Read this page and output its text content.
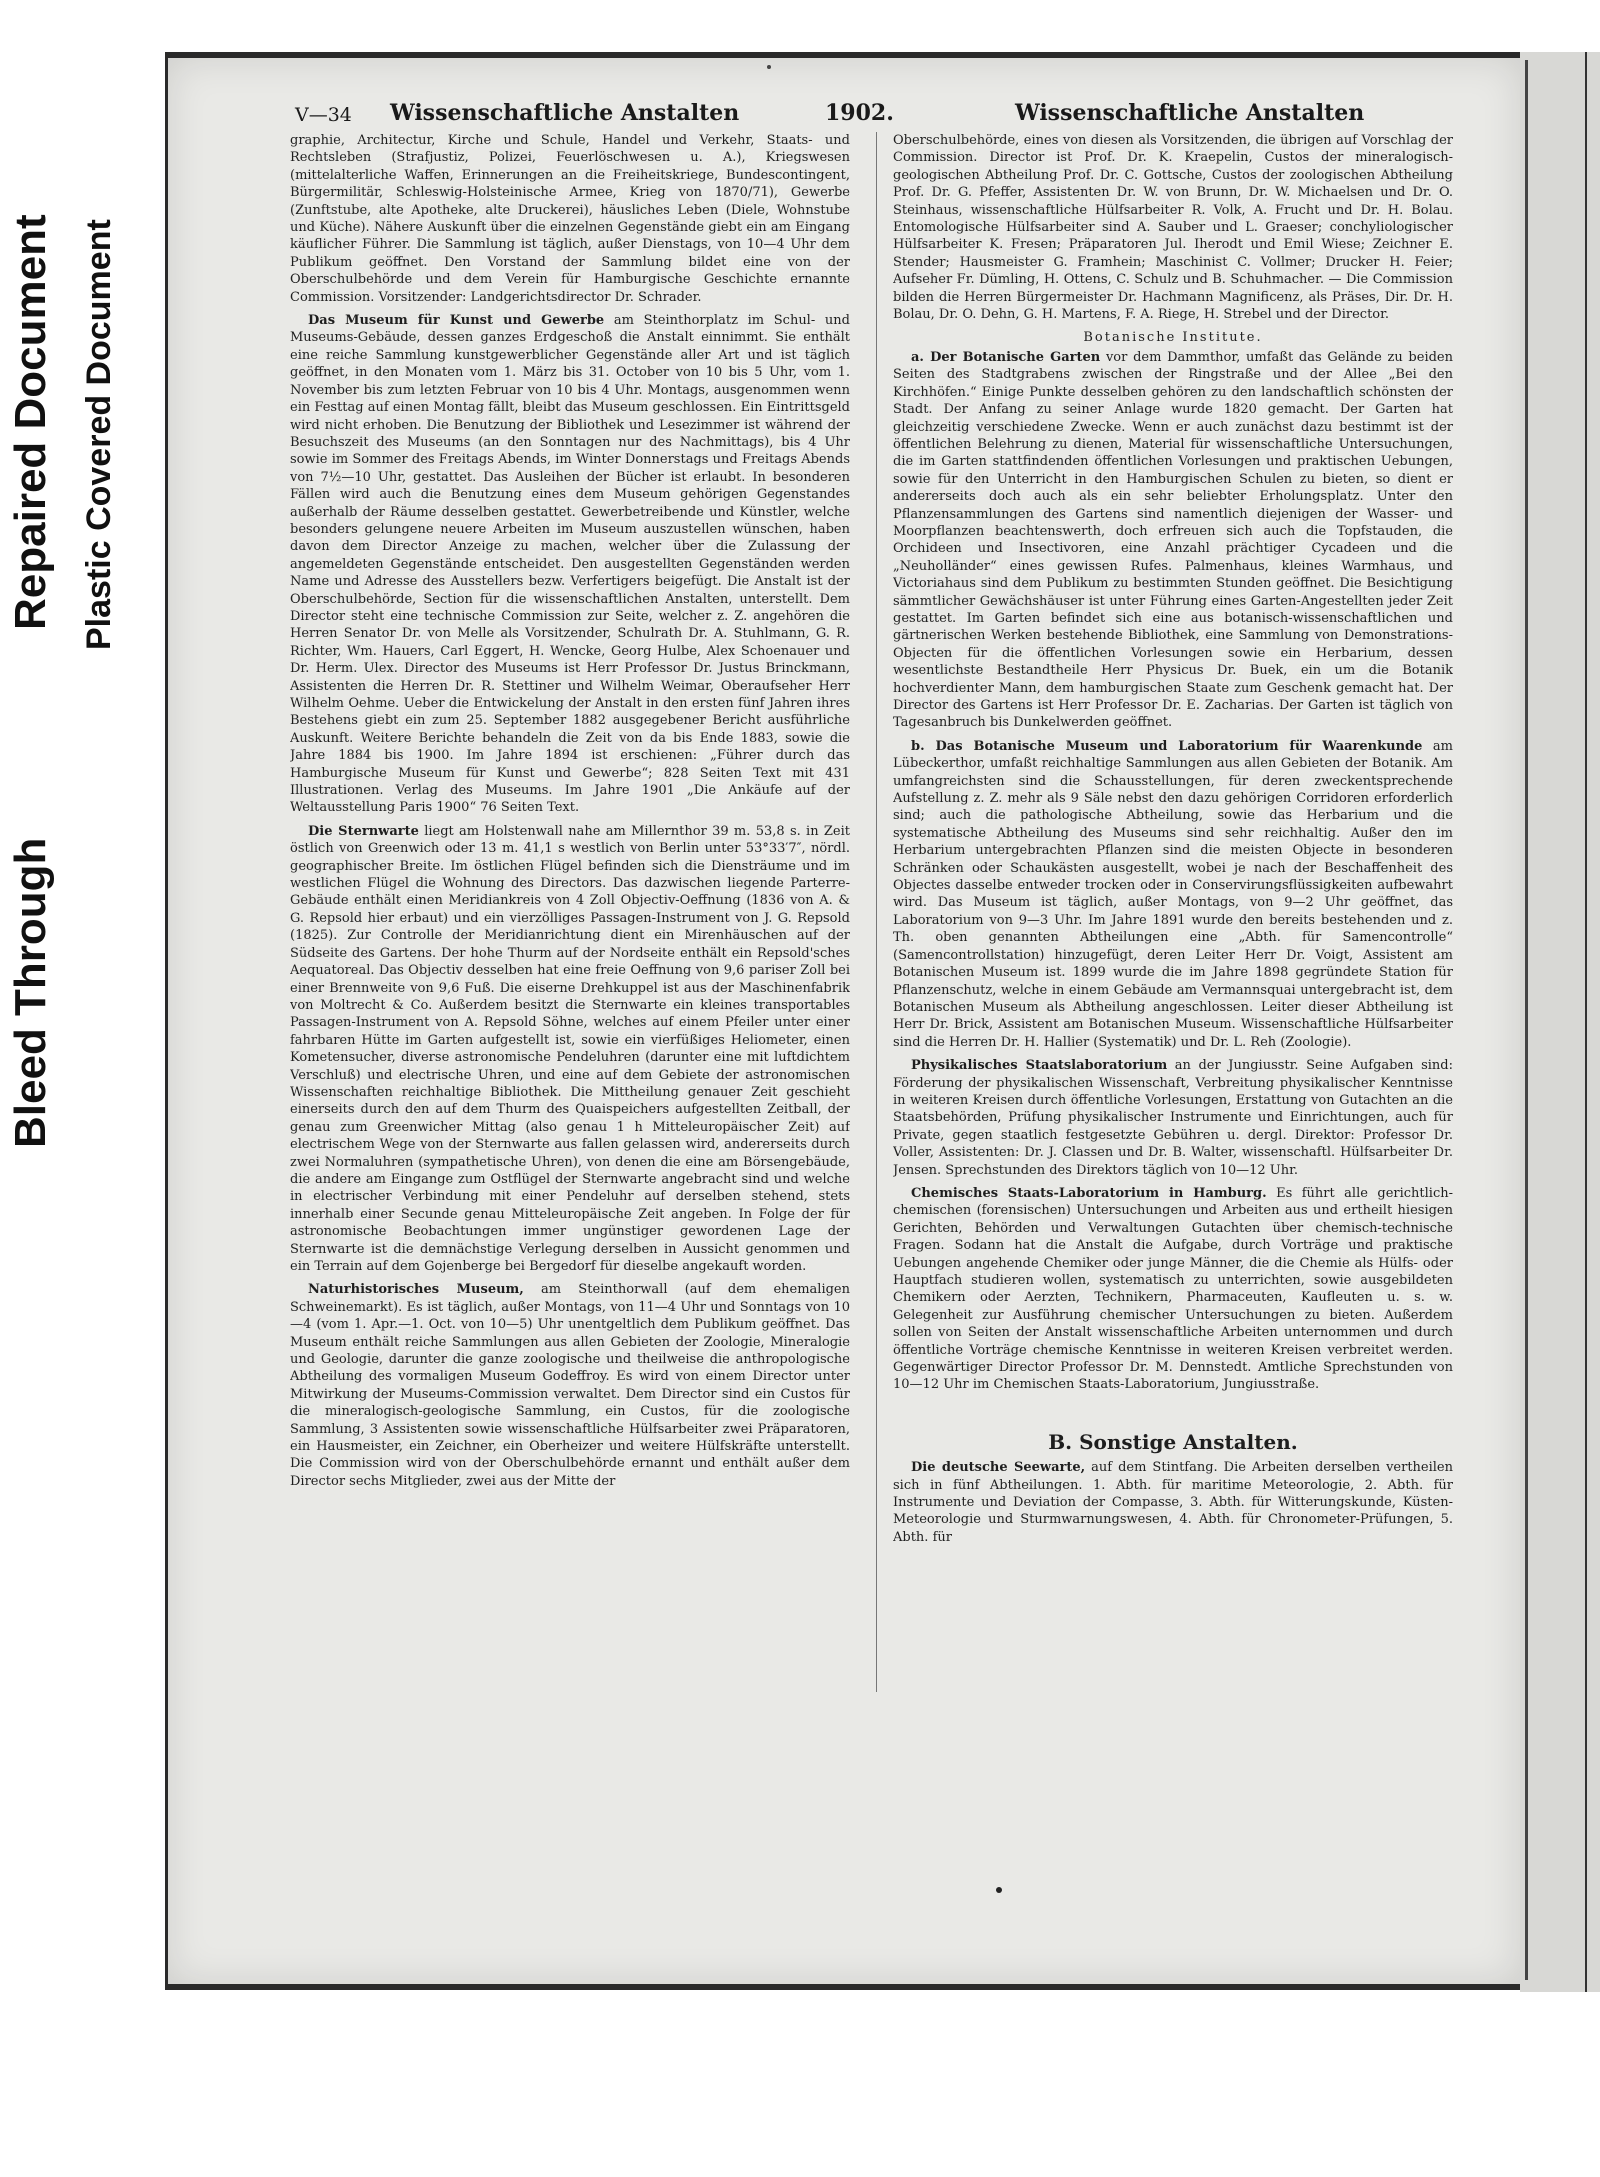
Bleed Through
Repaired Document Plastic Covered Document
V—34 Wissenschaftliche Anstalten	1902.	Wissenschaftliche Anstalten

graphie, Architectur, Kirche und Schule, Handel und Verkehr, Staats- und Rechtsleben (Strafjustiz, Polizei, Feuerlöschwesen u. A.), Kriegswesen (mittelalterliche Waffen, Erinnerungen an die Freiheitskriege, Bundescontingent, Bürgermilitär, Schleswig-Holsteinische Armee, Krieg von 1870/71), Gewerbe (Zunftstube, alte Apotheke, alte Druckerei), häusliches Leben (Diele, Wohnstube und Küche). Nähere Auskunft über die einzelnen Gegenstände giebt ein am Eingang käuflicher Führer. Die Sammlung ist täglich, außer Dienstags, von 10—4 Uhr dem Publikum geöffnet. Den Vorstand der Sammlung bildet eine von der Oberschulbehörde und dem Verein für Hamburgische Geschichte ernannte Commission. Vorsitzender: Landgerichtsdirector Dr. Schrader.

Das Museum für Kunst und Gewerbe am Steinthorplatz im Schul- und Museums-Gebäude, dessen ganzes Erdgeschoß die Anstalt einnimmt. Sie enthält eine reiche Sammlung kunstgewerblicher Gegenstände aller Art und ist täglich geöffnet, in den Monaten vom 1. März bis 31. October von 10 bis 5 Uhr, vom 1. November bis zum letzten Februar von 10 bis 4 Uhr. Montags, ausgenommen wenn ein Festtag auf einen Montag fällt, bleibt das Museum geschlossen. Ein Eintrittsgeld wird nicht erhoben. Die Benutzung der Bibliothek und Lesezimmer ist während der Besuchszeit des Museums (an den Sonntagen nur des Nachmittags), bis 4 Uhr sowie im Sommer des Freitags Abends, im Winter Donnerstags und Freitags Abends von 7½—10 Uhr, gestattet. Das Ausleihen der Bücher ist erlaubt. In besonderen Fällen wird auch die Benutzung eines dem Museum gehörigen Gegenstandes außerhalb der Räume desselben gestattet. Gewerbetreibende und Künstler, welche besonders gelungene neuere Arbeiten im Museum auszustellen wünschen, haben davon dem Director Anzeige zu machen, welcher über die Zulassung der angemeldeten Gegenstände entscheidet. Den ausgestellten Gegenständen werden Name und Adresse des Ausstellers bezw. Verfertigers beigefügt. Die Anstalt ist der Oberschulbehörde, Section für die wissenschaftlichen Anstalten, unterstellt. Dem Director steht eine technische Commission zur Seite, welcher z. Z. angehören die Herren Senator Dr. von Melle als Vorsitzender, Schulrath Dr. A. Stuhlmann, G. R. Richter, Wm. Hauers, Carl Eggert, H. Wencke, Georg Hulbe, Alex Schoenauer und Dr. Herm. Ulex. Director des Museums ist Herr Professor Dr. Justus Brinckmann, Assistenten die Herren Dr. R. Stettiner und Wilhelm Weimar, Oberaufseher Herr Wilhelm Oehme. Ueber die Entwickelung der Anstalt in den ersten fünf Jahren ihres Bestehens giebt ein zum 25. September 1882 ausgegebener Bericht ausführliche Auskunft. Weitere Berichte behandeln die Zeit von da bis Ende 1883, sowie die Jahre 1884 bis 1900. Im Jahre 1894 ist erschienen: „Führer durch das Hamburgische Museum für Kunst und Gewerbe“; 828 Seiten Text mit 431 Illustrationen. Verlag des Museums. Im Jahre 1901 „Die Ankäufe auf der Weltausstellung Paris 1900“ 76 Seiten Text.

Die Sternwarte liegt am Holstenwall nahe am Millernthor 39 m. 53,8 s. in Zeit östlich von Greenwich oder 13 m. 41,1 s westlich von Berlin unter 53°33′7″, nördl. geographischer Breite. Im östlichen Flügel befinden sich die Diensträume und im westlichen Flügel die Wohnung des Directors. Das dazwischen liegende Parterre-Gebäude enthält einen Meridiankreis von 4 Zoll Objectiv-Oeffnung (1836 von A. & G. Repsold hier erbaut) und ein vierzölliges Passagen-Instrument von J. G. Repsold (1825). Zur Controlle der Meridianrichtung dient ein Mirenhäuschen auf der Südseite des Gartens. Der hohe Thurm auf der Nordseite enthält ein Repsold'sches Aequatoreal. Das Objectiv desselben hat eine freie Oeffnung von 9,6 pariser Zoll bei einer Brennweite von 9,6 Fuß. Die eiserne Drehkuppel ist aus der Maschinenfabrik von Moltrecht & Co. Außerdem besitzt die Sternwarte ein kleines transportables Passagen-Instrument von A. Repsold Söhne, welches auf einem Pfeiler unter einer fahrbaren Hütte im Garten aufgestellt ist, sowie ein vierfüßiges Heliometer, einen Kometensucher, diverse astronomische Pendeluhren (darunter eine mit luftdichtem Verschluß) und electrische Uhren, und eine auf dem Gebiete der astronomischen Wissenschaften reichhaltige Bibliothek. Die Mittheilung genauer Zeit geschieht einerseits durch den auf dem Thurm des Quaispeichers aufgestellten Zeitball, der genau zum Greenwicher Mittag (also genau 1 h Mitteleuropäischer Zeit) auf electrischem Wege von der Sternwarte aus fallen gelassen wird, andererseits durch zwei Normaluhren (sympathetische Uhren), von denen die eine am Börsengebäude, die andere am Eingange zum Ostflügel der Sternwarte angebracht sind und welche in electrischer Verbindung mit einer Pendeluhr auf derselben stehend, stets innerhalb einer Secunde genau Mitteleuropäische Zeit angeben. In Folge der für astronomische Beobachtungen immer ungünstiger gewordenen Lage der Sternwarte ist die demnächstige Verlegung derselben in Aussicht genommen und ein Terrain auf dem Gojenberge bei Bergedorf für dieselbe angekauft worden.

Naturhistorisches Museum, am Steinthorwall (auf dem ehemaligen Schweinemarkt). Es ist täglich, außer Montags, von 11—4 Uhr und Sonntags von 10—4 (vom 1. Apr.—1. Oct. von 10—5) Uhr unentgeltlich dem Publikum geöffnet. Das Museum enthält reiche Sammlungen aus allen Gebieten der Zoologie, Mineralogie und Geologie, darunter die ganze zoologische und theilweise die anthropologische Abtheilung des vormaligen Museum Godeffroy. Es wird von einem Director unter Mitwirkung der Museums-Commission verwaltet. Dem Director sind ein Custos für die mineralogisch-geologische Sammlung, ein Custos, für die zoologische Sammlung, 3 Assistenten sowie wissenschaftliche Hülfsarbeiter zwei Präparatoren, ein Hausmeister, ein Zeichner, ein Oberheizer und weitere Hülfskräfte unterstellt. Die Commission wird von der Oberschulbehörde ernannt und enthält außer dem Director sechs Mitglieder, zwei aus der Mitte der

Oberschulbehörde, eines von diesen als Vorsitzenden, die übrigen auf Vorschlag der Commission. Director ist Prof. Dr. K. Kraepelin, Custos der mineralogisch-geologischen Abtheilung Prof. Dr. C. Gottsche, Custos der zoologischen Abtheilung Prof. Dr. G. Pfeffer, Assistenten Dr. W. von Brunn, Dr. W. Michaelsen und Dr. O. Steinhaus, wissenschaftliche Hülfsarbeiter R. Volk, A. Frucht und Dr. H. Bolau. Entomologische Hülfsarbeiter sind A. Sauber und L. Graeser; conchyliologischer Hülfsarbeiter K. Fresen; Präparatoren Jul. Iherodt und Emil Wiese; Zeichner E. Stender; Hausmeister G. Framhein; Maschinist C. Vollmer; Drucker H. Feier; Aufseher Fr. Dümling, H. Ottens, C. Schulz und B. Schuhmacher. — Die Commission bilden die Herren Bürgermeister Dr. Hachmann Magnificenz, als Präses, Dir. Dr. H. Bolau, Dr. O. Dehn, G. H. Martens, F. A. Riege, H. Strebel und der Director.

Botanische Institute.

a. Der Botanische Garten vor dem Dammthor, umfaßt das Gelände zu beiden Seiten des Stadtgrabens zwischen der Ringstraße und der Allee „Bei den Kirchhöfen.“ Einige Punkte desselben gehören zu den landschaftlich schönsten der Stadt. Der Anfang zu seiner Anlage wurde 1820 gemacht. Der Garten hat gleichzeitig verschiedene Zwecke. Wenn er auch zunächst dazu bestimmt ist der öffentlichen Belehrung zu dienen, Material für wissenschaftliche Untersuchungen, die im Garten stattfindenden öffentlichen Vorlesungen und praktischen Uebungen, sowie für den Unterricht in den Hamburgischen Schulen zu bieten, so dient er andererseits doch auch als ein sehr beliebter Erholungsplatz. Unter den Pflanzensammlungen des Gartens sind namentlich diejenigen der Wasser- und Moorpflanzen beachtenswerth, doch erfreuen sich auch die Topfstauden, die Orchideen und Insectivoren, eine Anzahl prächtiger Cycadeen und die „Neuholländer“ eines gewissen Rufes. Palmenhaus, kleines Warmhaus, und Victoriahaus sind dem Publikum zu bestimmten Stunden geöffnet. Die Besichtigung sämmtlicher Gewächshäuser ist unter Führung eines Garten-Angestellten jeder Zeit gestattet. Im Garten befindet sich eine aus botanisch-wissenschaftlichen und gärtnerischen Werken bestehende Bibliothek, eine Sammlung von Demonstrations-Objecten für die öffentlichen Vorlesungen sowie ein Herbarium, dessen wesentlichste Bestandtheile Herr Physicus Dr. Buek, ein um die Botanik hochverdienter Mann, dem hamburgischen Staate zum Geschenk gemacht hat. Der Director des Gartens ist Herr Professor Dr. E. Zacharias. Der Garten ist täglich von Tagesanbruch bis Dunkelwerden geöffnet.

b. Das Botanische Museum und Laboratorium für Waarenkunde am Lübeckerthor, umfaßt reichhaltige Sammlungen aus allen Gebieten der Botanik. Am umfangreichsten sind die Schausstellungen, für deren zweckentsprechende Aufstellung z. Z. mehr als 9 Säle nebst den dazu gehörigen Corridoren erforderlich sind; auch die pathologische Abtheilung, sowie das Herbarium und die systematische Abtheilung des Museums sind sehr reichhaltig. Außer den im Herbarium untergebrachten Pflanzen sind die meisten Objecte in besonderen Schränken oder Schaukästen ausgestellt, wobei je nach der Beschaffenheit des Objectes dasselbe entweder trocken oder in Conservirungsflüssigkeiten aufbewahrt wird. Das Museum ist täglich, außer Montags, von 9—2 Uhr geöffnet, das Laboratorium von 9—3 Uhr. Im Jahre 1891 wurde den bereits bestehenden und z. Th. oben genannten Abtheilungen eine „Abth. für Samencontrolle“ (Samencontrollstation) hinzugefügt, deren Leiter Herr Dr. Voigt, Assistent am Botanischen Museum ist. 1899 wurde die im Jahre 1898 gegründete Station für Pflanzenschutz, welche in einem Gebäude am Vermannsquai untergebracht ist, dem Botanischen Museum als Abtheilung angeschlossen. Leiter dieser Abtheilung ist Herr Dr. Brick, Assistent am Botanischen Museum. Wissenschaftliche Hülfsarbeiter sind die Herren Dr. H. Hallier (Systematik) und Dr. L. Reh (Zoologie).

Physikalisches Staatslaboratorium an der Jungiusstr. Seine Aufgaben sind: Förderung der physikalischen Wissenschaft, Verbreitung physikalischer Kenntnisse in weiteren Kreisen durch öffentliche Vorlesungen, Erstattung von Gutachten an die Staatsbehörden, Prüfung physikalischer Instrumente und Einrichtungen, auch für Private, gegen staatlich festgesetzte Gebühren u. dergl. Direktor: Professor Dr. Voller, Assistenten: Dr. J. Classen und Dr. B. Walter, wissenschaftl. Hülfsarbeiter Dr. Jensen. Sprechstunden des Direktors täglich von 10—12 Uhr.

Chemisches Staats-Laboratorium in Hamburg. Es führt alle gerichtlich-chemischen (forensischen) Untersuchungen und Arbeiten aus und ertheilt hiesigen Gerichten, Behörden und Verwaltungen Gutachten über chemisch-technische Fragen. Sodann hat die Anstalt die Aufgabe, durch Vorträge und praktische Uebungen angehende Chemiker oder junge Männer, die die Chemie als Hülfs- oder Hauptfach studieren wollen, systematisch zu unterrichten, sowie ausgebildeten Chemikern oder Aerzten, Technikern, Pharmaceuten, Kaufleuten u. s. w. Gelegenheit zur Ausführung chemischer Untersuchungen zu bieten. Außerdem sollen von Seiten der Anstalt wissenschaftliche Arbeiten unternommen und durch öffentliche Vorträge chemische Kenntnisse in weiteren Kreisen verbreitet werden. Gegenwärtiger Director Professor Dr. M. Dennstedt. Amtliche Sprechstunden von 10—12 Uhr im Chemischen Staats-Laboratorium, Jungiusstraße.

B. Sonstige Anstalten.

Die deutsche Seewarte, auf dem Stintfang. Die Arbeiten derselben vertheilen sich in fünf Abtheilungen. 1. Abth. für maritime Meteorologie, 2. Abth. für Instrumente und Deviation der Compasse, 3. Abth. für Witterungskunde, Küsten-Meteorologie und Sturmwarnungswesen, 4. Abth. für Chronometer-Prüfungen, 5. Abth. für
